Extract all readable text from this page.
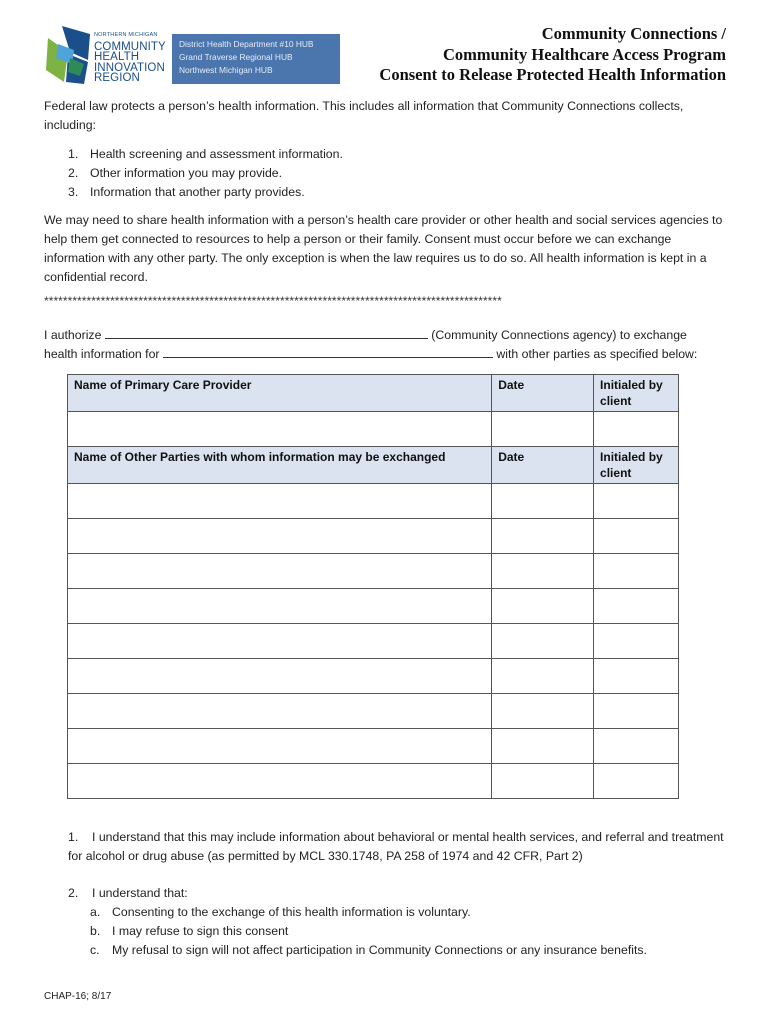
NORTHERN MICHIGAN
COMMUNITY
HEALTH
INNOVATION
REGION
District Health Department #10 HUB
Grand Traverse Regional HUB
Northwest Michigan HUB
Community Connections /
Community Healthcare Access Program
Consent to Release Protected Health Information
Federal law protects a person’s health information. This includes all information that Community Connections collects, including:
1. Health screening and assessment information.
2. Other information you may provide.
3. Information that another party provides.
We may need to share health information with a person’s health care provider or other health and social services agencies to help them get connected to resources to help a person or their family. Consent must occur before we can exchange information with any other party. The only exception is when the law requires us to do so. All health information is kept in a confidential record.
*************************************************************************************************
I authorize	(Community Connections agency) to exchange
health information for	with other parties as specified below:
Name of Primary Care Provider	Date	Initialed by client

Name of Other Parties with whom information may be exchanged	Date	Initialed by client

1. I understand that this may include information about behavioral or mental health services, and referral and treatment for alcohol or drug abuse (as permitted by MCL 330.1748, PA 258 of 1974 and 42 CFR, Part 2)
2. I understand that:
a. Consenting to the exchange of this health information is voluntary.
b. I may refuse to sign this consent
c. My refusal to sign will not affect participation in Community Connections or any insurance benefits.
CHAP-16; 8/17
